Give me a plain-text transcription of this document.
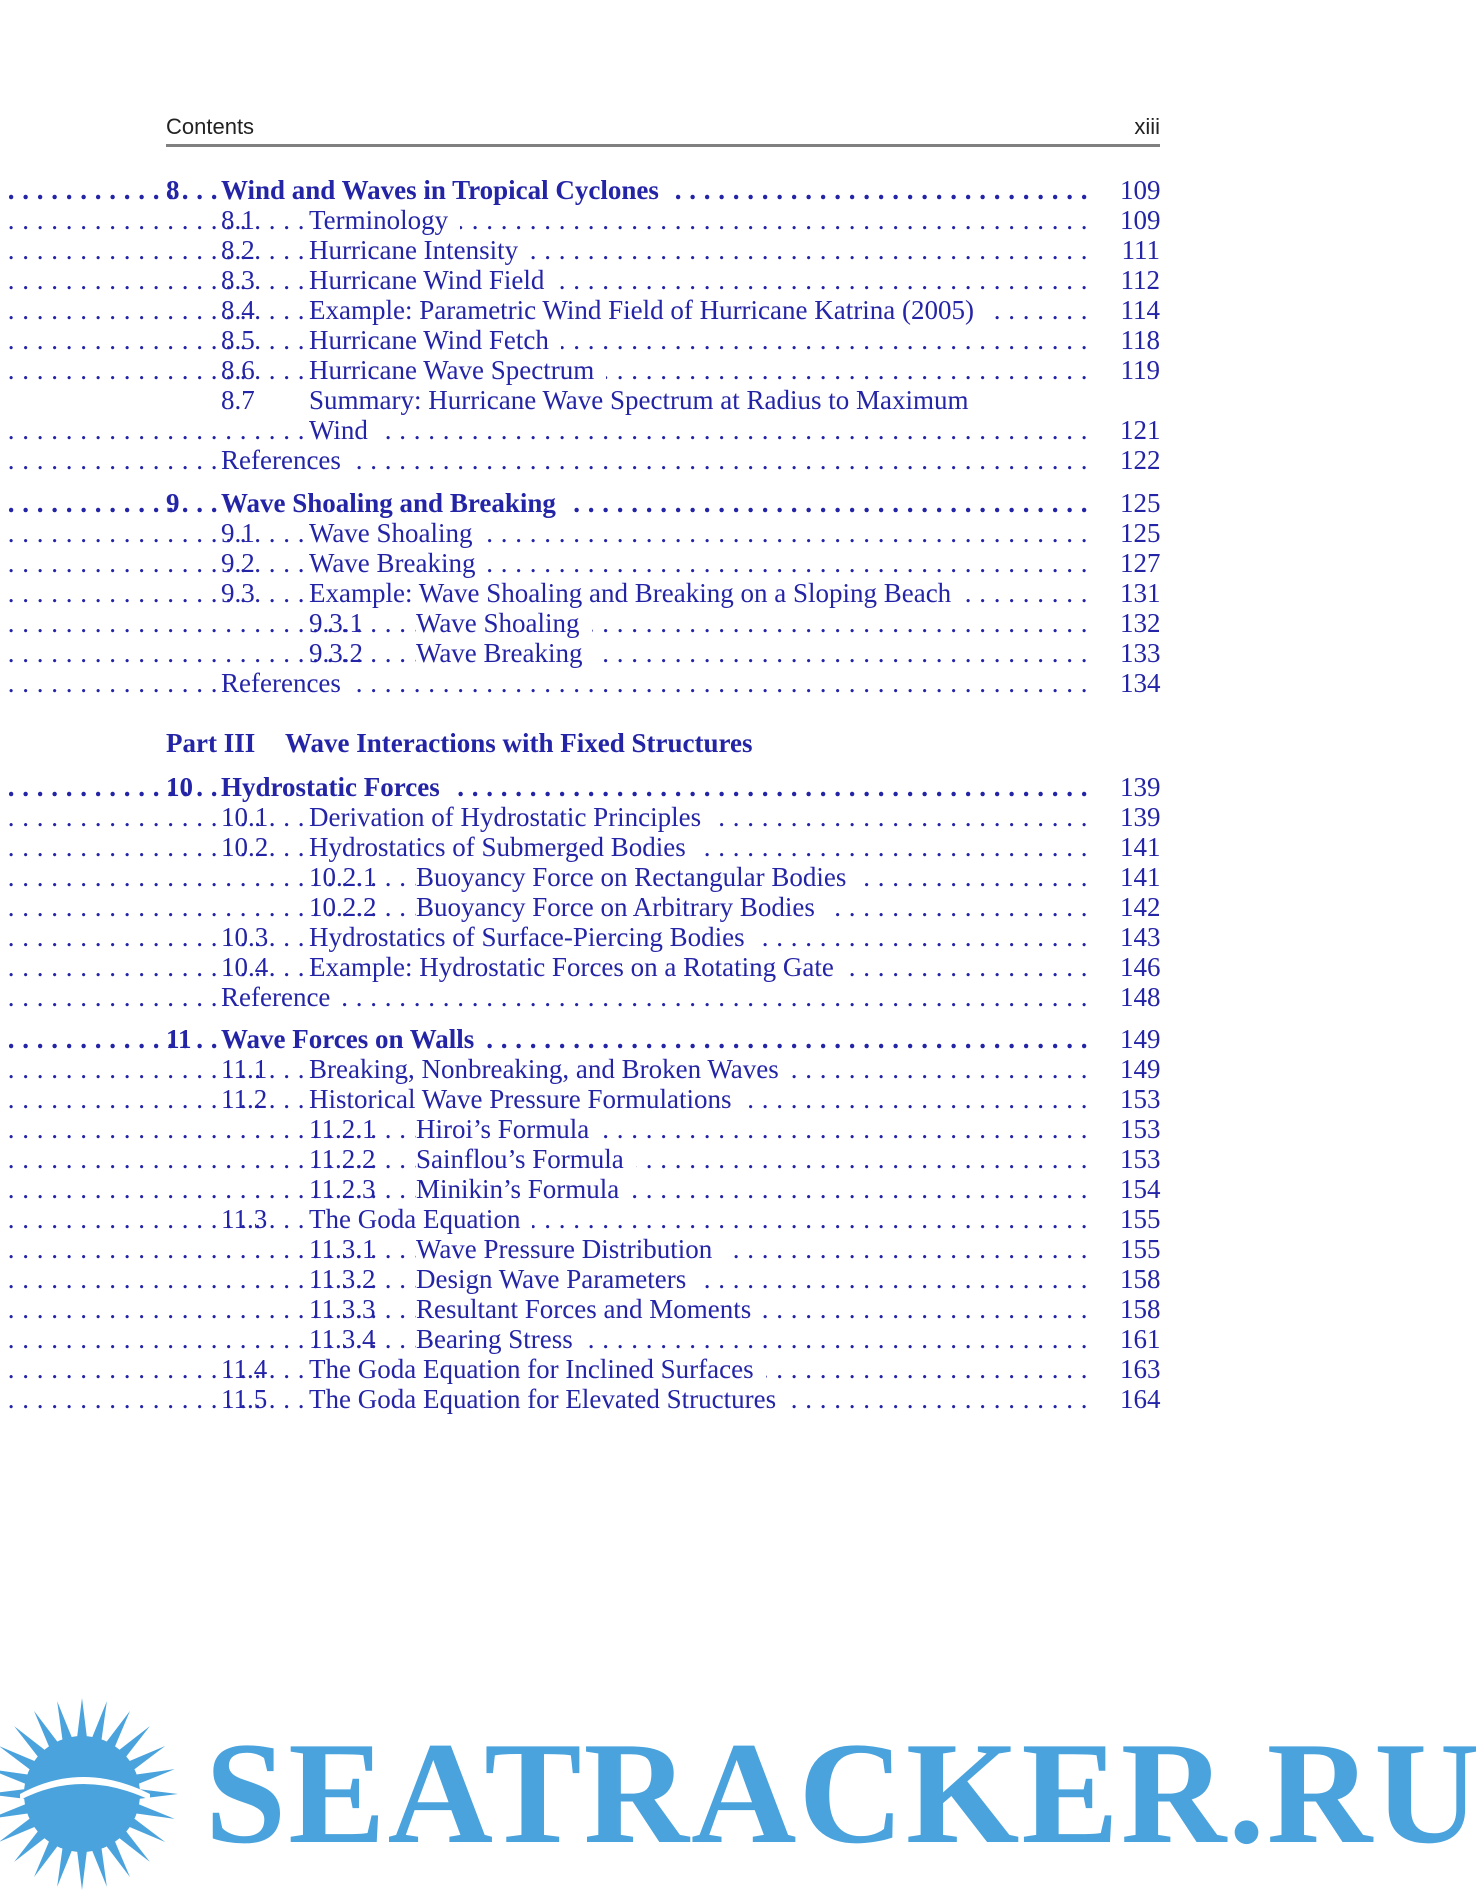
Contents	xiii
8 Wind and Waves in Tropical Cyclones . . .	109
8.1 Terminology . . .	109
8.2 Hurricane Intensity . . .	111
8.3 Hurricane Wind Field . . .	112
8.4 Example: Parametric Wind Field of Hurricane Katrina (2005) . . .	114
8.5 Hurricane Wind Fetch . . .	118
8.6 Hurricane Wave Spectrum . . .	119
8.7 Summary: Hurricane Wave Spectrum at Radius to Maximum
Wind . . .	121
References . . .	122
9 Wave Shoaling and Breaking . . .	125
9.1 Wave Shoaling . . .	125
9.2 Wave Breaking . . .	127
9.3 Example: Wave Shoaling and Breaking on a Sloping Beach . . .	131
9.3.1 Wave Shoaling . . .	132
9.3.2 Wave Breaking . . .	133
References . . .	134
Part III Wave Interactions with Fixed Structures
10 Hydrostatic Forces . . .	139
10.1 Derivation of Hydrostatic Principles . . .	139
10.2 Hydrostatics of Submerged Bodies . . .	141
10.2.1 Buoyancy Force on Rectangular Bodies . . .	141
10.2.2 Buoyancy Force on Arbitrary Bodies . . .	142
10.3 Hydrostatics of Surface-Piercing Bodies . . .	143
10.4 Example: Hydrostatic Forces on a Rotating Gate . . .	146
Reference . . .	148
11 Wave Forces on Walls . . .	149
11.1 Breaking, Nonbreaking, and Broken Waves . . .	149
11.2 Historical Wave Pressure Formulations . . .	153
11.2.1 Hiroi’s Formula . . .	153
11.2.2 Sainflou’s Formula . . .	153
11.2.3 Minikin’s Formula . . .	154
11.3 The Goda Equation . . .	155
11.3.1 Wave Pressure Distribution . . .	155
11.3.2 Design Wave Parameters . . .	158
11.3.3 Resultant Forces and Moments . . .	158
11.3.4 Bearing Stress . . .	161
11.4 The Goda Equation for Inclined Surfaces . . .	163
11.5 The Goda Equation for Elevated Structures . . .	164
SEATRACKER.RU
